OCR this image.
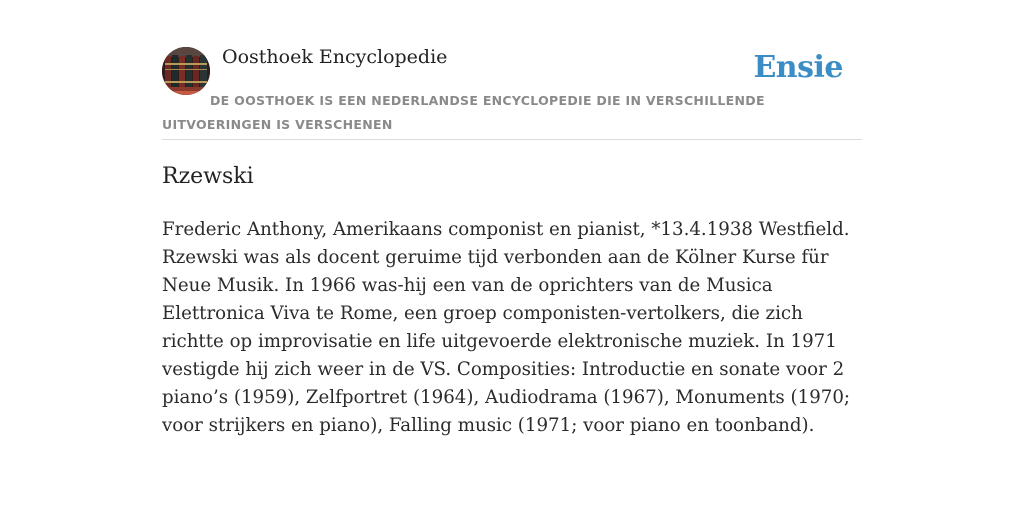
Oosthoek Encyclopedie	Ensie
DE OOSTHOEK IS EEN NEDERLANDSE ENCYCLOPEDIE DIE IN VERSCHILLENDE UITVOERINGEN IS VERSCHENEN
Rzewski

Frederic Anthony, Amerikaans componist en pianist, *13.4.1938 Westfield. Rzewski was als docent geruime tijd verbonden aan de Kölner Kurse für Neue Musik. In 1966 was-hij een van de oprichters van de Musica Elettronica Viva te Rome, een groep componisten-vertolkers, die zich richtte op improvisatie en life uitgevoerde elektronische muziek. In 1971 vestigde hij zich weer in de VS. Composities: Introductie en sonate voor 2 piano’s (1959), Zelfportret (1964), Audiodrama (1967), Monuments (1970; voor strijkers en piano), Falling music (1971; voor piano en toonband).
